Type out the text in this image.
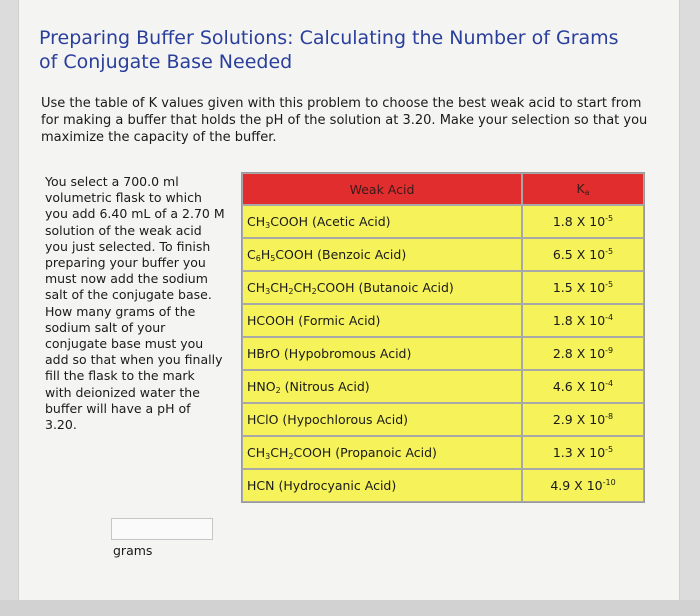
Preparing Buffer Solutions: Calculating the Number of Grams of Conjugate Base Needed

Use the table of K values given with this problem to choose the best weak acid to start from for making a buffer that holds the pH of the solution at 3.20. Make your selection so that you maximize the capacity of the buffer.

You select a 700.0 ml volumetric flask to which you add 6.40 mL of a 2.70 M solution of the weak acid you just selected. To finish preparing your buffer you must now add the sodium salt of the conjugate base. How many grams of the sodium salt of your conjugate base must you add so that when you finally fill the flask to the mark with deionized water the buffer will have a pH of 3.20.

Weak Acid	$K_a$
$CH_3COOH$ (Acetic Acid)	1.8 X $10^{-5}$
$C_6H_5COOH$ (Benzoic Acid)	6.5 X $10^{-5}$
$CH_3CH_2CH_2COOH$ (Butanoic Acid)	1.5 X $10^{-5}$
HCOOH (Formic Acid)	1.8 X $10^{-4}$
HBrO (Hypobromous Acid)	2.8 X $10^{-9}$
$HNO_2$ (Nitrous Acid)	4.6 X $10^{-4}$
HClO (Hypochlorous Acid)	2.9 X $10^{-8}$
$CH_3CH_2COOH$ (Propanoic Acid)	1.3 X $10^{-5}$
HCN (Hydrocyanic Acid)	4.9 X $10^{-10}$
grams
